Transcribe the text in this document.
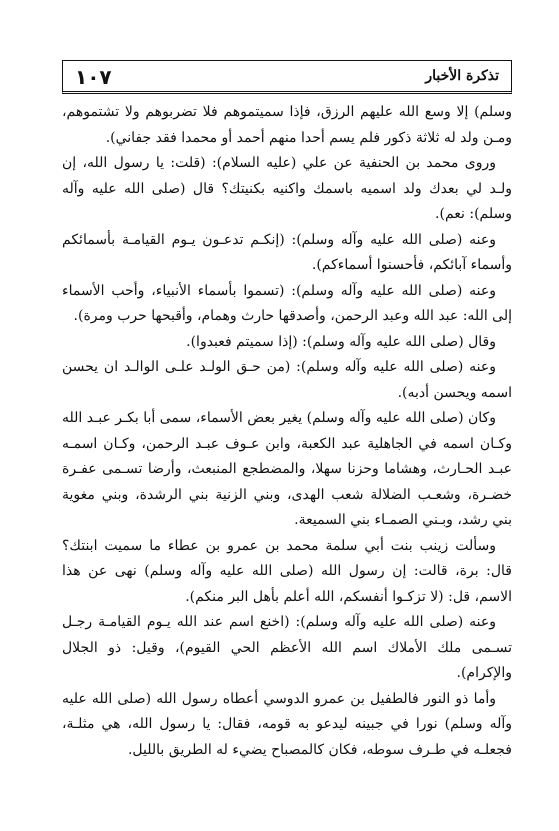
تذكرة الأخبار
١٠٧

وسلم) إلا وسع الله عليهم الرزق، فإذا سميتموهم فلا تضربوهم ولا تشتموهم، ومـن ولد له ثلاثة ذكور فلم يسم أحدا منهم أحمد أو محمدا فقد جفاني).

وروى محمد بن الحنفية عن علي (عليه السلام): (قلت: يا رسول الله، إن ولـد لي بعدك ولد اسميه باسمك واكنيه بكنيتك؟ قال (صلى الله عليه وآله وسلم): نعم).

وعنه (صلى الله عليه وآله وسلم): (إنكـم تدعـون يـوم القيامـة بأسمائكم وأسماء آبائكم، فأحسنوا أسماءكم).

وعنه (صلى الله عليه وآله وسلم): (تسموا بأسماء الأنبياء، وأحب الأسماء إلى الله: عبد الله وعبد الرحمن، وأصدقها حارث وهمام، وأقبحها حرب ومرة).

وقال (صلى الله عليه وآله وسلم): (إذا سميتم فعبدوا).

وعنه (صلى الله عليه وآله وسلم): (من حـق الولـد علـى الوالـد ان يحسن اسمه ويحسن أدبه).

وكان (صلى الله عليه وآله وسلم) يغير بعض الأسماء، سمى أبا بكـر عبـد الله وكـان اسمه في الجاهلية عبد الكعبة، وابن عـوف عبـد الرحمن، وكـان اسمـه عبـد الحـارث، وهشاما وحزنا سهلا، والمضطجع المنبعث، وأرضا تسـمى عفـرة خضـرة، وشعـب الضلالة شعب الهدى، وبني الزنية بني الرشدة، وبني مغوية بني رشد، وبـني الصمـاء بني السميعة.

وسألت زينب بنت أبي سلمة محمد بن عمرو بن عطاء ما سميت ابنتك؟ قال: برة، قالت: إن رسول الله (صلى الله عليه وآله وسلم) نهى عن هذا الاسم، قل: (لا تزكـوا أنفسكم، الله أعلم بأهل البر منكم).

وعنه (صلى الله عليه وآله وسلم): (اخنع اسم عند الله يـوم القيامـة رجـل تسـمى ملك الأملاك اسم الله الأعظم الحي القيوم)، وقيل: ذو الجلال والإكرام).

وأما ذو النور فالطفيل بن عمرو الدوسي أعطاه رسول الله (صلى الله عليه وآله وسلم) نورا في جبينه ليدعو به قومه، فقال: يا رسول الله، هي مثلـة، فجعلـه في طـرف سوطه، فكان كالمصباح يضيء له الطريق بالليل.
